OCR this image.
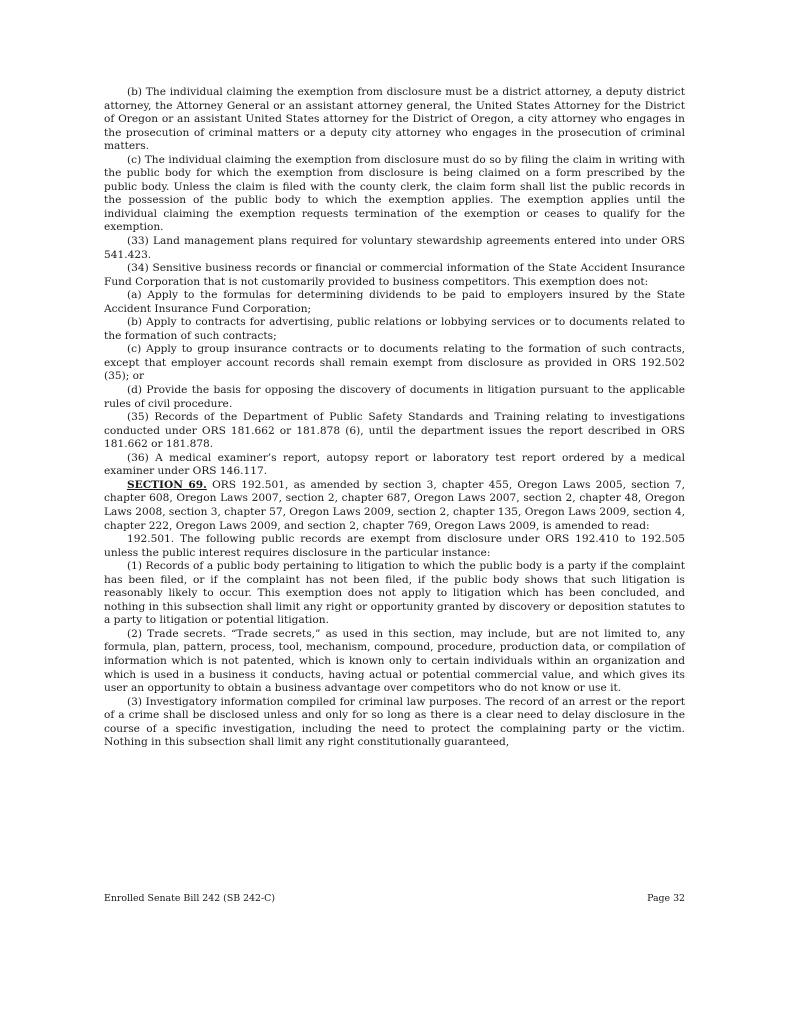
(b) The individual claiming the exemption from disclosure must be a district attorney, a deputy district attorney, the Attorney General or an assistant attorney general, the United States Attorney for the District of Oregon or an assistant United States attorney for the District of Oregon, a city attorney who engages in the prosecution of criminal matters or a deputy city attorney who engages in the prosecution of criminal matters.

(c) The individual claiming the exemption from disclosure must do so by filing the claim in writing with the public body for which the exemption from disclosure is being claimed on a form prescribed by the public body. Unless the claim is filed with the county clerk, the claim form shall list the public records in the possession of the public body to which the exemption applies. The exemption applies until the individual claiming the exemption requests termination of the exemption or ceases to qualify for the exemption.

(33) Land management plans required for voluntary stewardship agreements entered into under ORS 541.423.

(34) Sensitive business records or financial or commercial information of the State Accident Insurance Fund Corporation that is not customarily provided to business competitors. This exemption does not:

(a) Apply to the formulas for determining dividends to be paid to employers insured by the State Accident Insurance Fund Corporation;

(b) Apply to contracts for advertising, public relations or lobbying services or to documents related to the formation of such contracts;

(c) Apply to group insurance contracts or to documents relating to the formation of such contracts, except that employer account records shall remain exempt from disclosure as provided in ORS 192.502 (35); or

(d) Provide the basis for opposing the discovery of documents in litigation pursuant to the applicable rules of civil procedure.

(35) Records of the Department of Public Safety Standards and Training relating to investigations conducted under ORS 181.662 or 181.878 (6), until the department issues the report described in ORS 181.662 or 181.878.

(36) A medical examiner’s report, autopsy report or laboratory test report ordered by a medical examiner under ORS 146.117.

SECTION 69. ORS 192.501, as amended by section 3, chapter 455, Oregon Laws 2005, section 7, chapter 608, Oregon Laws 2007, section 2, chapter 687, Oregon Laws 2007, section 2, chapter 48, Oregon Laws 2008, section 3, chapter 57, Oregon Laws 2009, section 2, chapter 135, Oregon Laws 2009, section 4, chapter 222, Oregon Laws 2009, and section 2, chapter 769, Oregon Laws 2009, is amended to read:

192.501. The following public records are exempt from disclosure under ORS 192.410 to 192.505 unless the public interest requires disclosure in the particular instance:

(1) Records of a public body pertaining to litigation to which the public body is a party if the complaint has been filed, or if the complaint has not been filed, if the public body shows that such litigation is reasonably likely to occur. This exemption does not apply to litigation which has been concluded, and nothing in this subsection shall limit any right or opportunity granted by discovery or deposition statutes to a party to litigation or potential litigation.

(2) Trade secrets. “Trade secrets,” as used in this section, may include, but are not limited to, any formula, plan, pattern, process, tool, mechanism, compound, procedure, production data, or compilation of information which is not patented, which is known only to certain individuals within an organization and which is used in a business it conducts, having actual or potential commercial value, and which gives its user an opportunity to obtain a business advantage over competitors who do not know or use it.

(3) Investigatory information compiled for criminal law purposes. The record of an arrest or the report of a crime shall be disclosed unless and only for so long as there is a clear need to delay disclosure in the course of a specific investigation, including the need to protect the complaining party or the victim. Nothing in this subsection shall limit any right constitutionally guaranteed,

Enrolled Senate Bill 242 (SB 242-C)	Page 32
